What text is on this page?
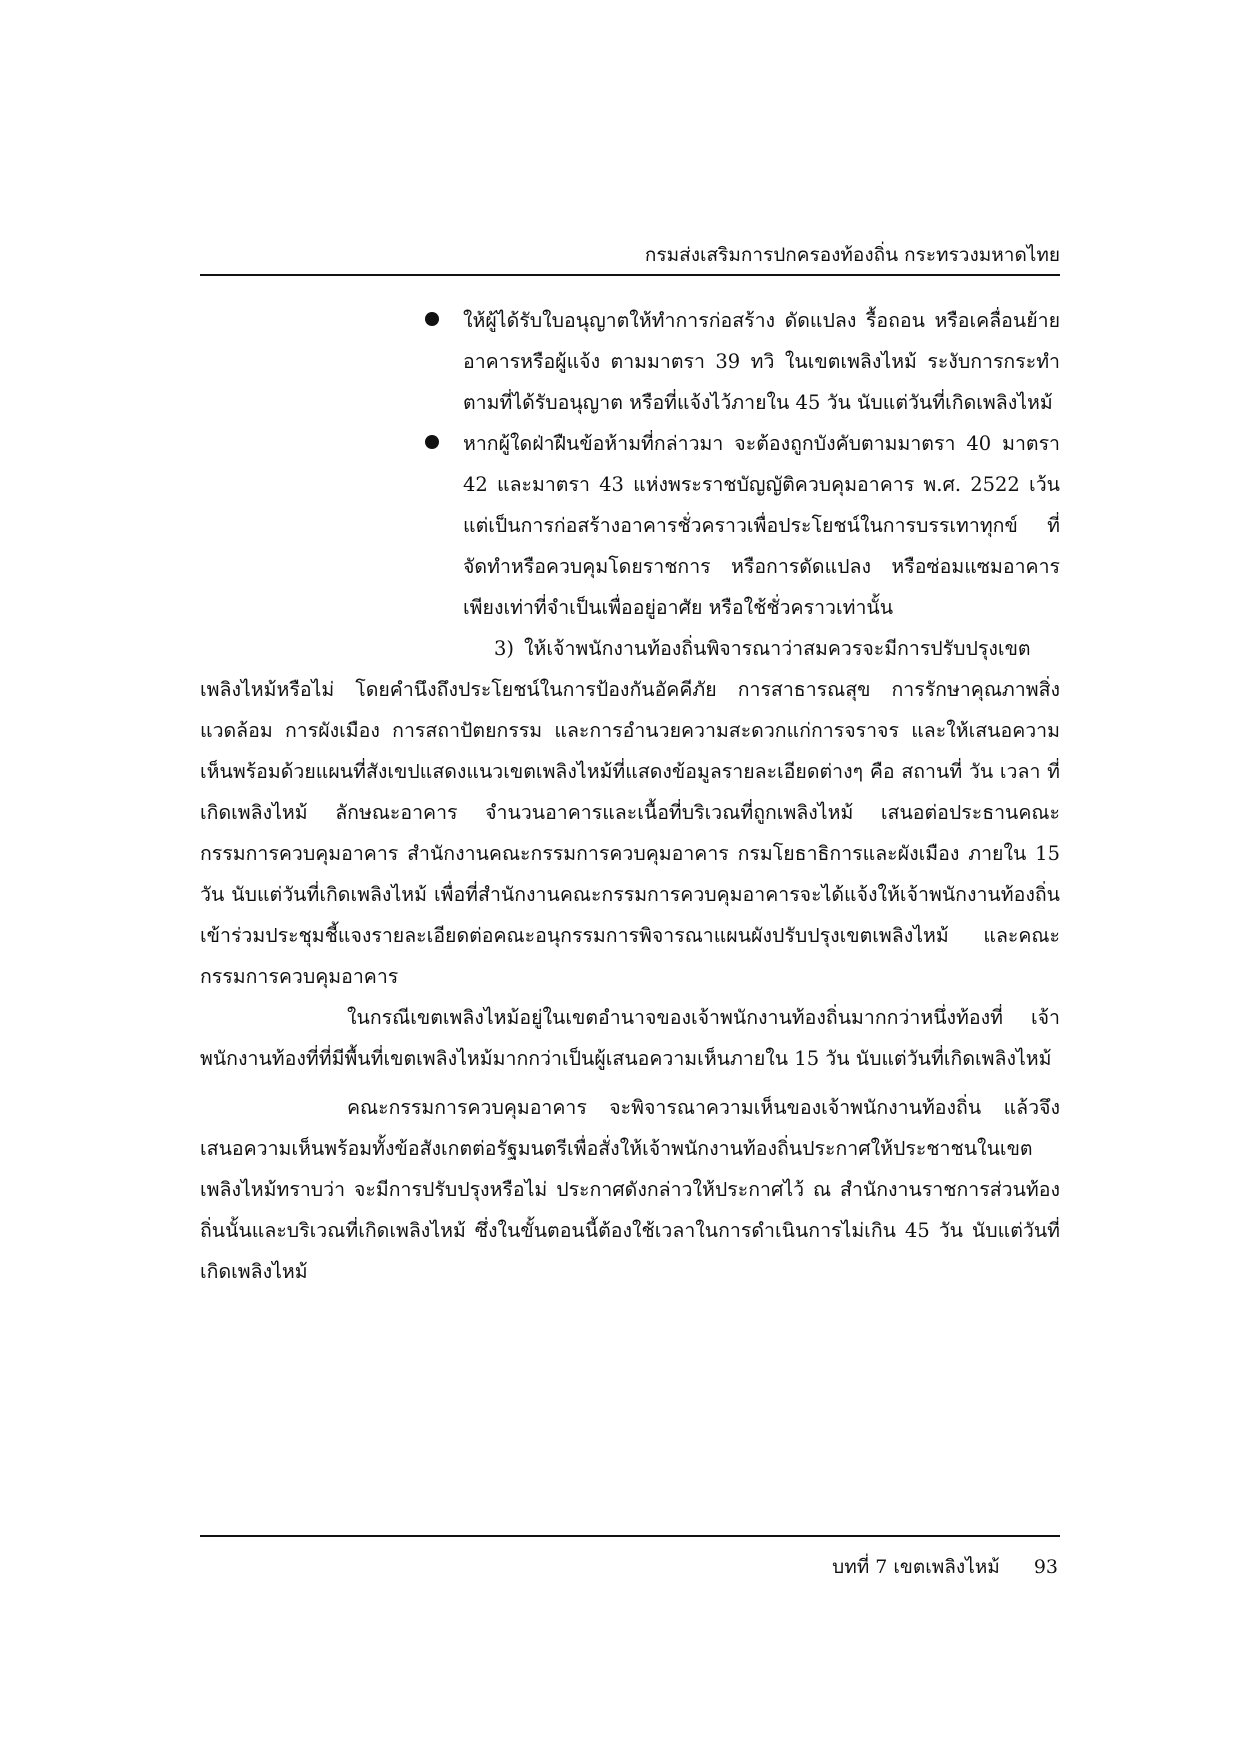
กรมส่งเสริมการปกครองท้องถิ่น กระทรวงมหาดไทย
ให้ผู้ได้รับใบอนุญาตให้ทำการก่อสร้าง ดัดแปลง รื้อถอน หรือเคลื่อนย้ายอาคารหรือผู้แจ้ง ตามมาตรา 39 ทวิ ในเขตเพลิงไหม้ ระงับการกระทำตามที่ได้รับอนุญาต หรือที่แจ้งไว้ภายใน 45 วัน นับแต่วันที่เกิดเพลิงไหม้
หากผู้ใดฝ่าฝืนข้อห้ามที่กล่าวมา จะต้องถูกบังคับตามมาตรา 40 มาตรา 42 และมาตรา 43 แห่งพระราชบัญญัติควบคุมอาคาร พ.ศ. 2522 เว้นแต่เป็นการก่อสร้างอาคารชั่วคราวเพื่อประโยชน์ในการบรรเทาทุกข์ ที่จัดทำหรือควบคุมโดยราชการ หรือการดัดแปลง หรือซ่อมแซมอาคารเพียงเท่าที่จำเป็นเพื่ออยู่อาศัย หรือใช้ชั่วคราวเท่านั้น

3) ให้เจ้าพนักงานท้องถิ่นพิจารณาว่าสมควรจะมีการปรับปรุงเขตเพลิงไหม้หรือไม่ โดยคำนึงถึงประโยชน์ในการป้องกันอัคคีภัย การสาธารณสุข การรักษาคุณภาพสิ่งแวดล้อม การผังเมือง การสถาปัตยกรรม และการอำนวยความสะดวกแก่การจราจร และให้เสนอความเห็นพร้อมด้วยแผนที่สังเขปแสดงแนวเขตเพลิงไหม้ที่แสดงข้อมูลรายละเอียดต่างๆ คือ สถานที่ วัน เวลา ที่เกิดเพลิงไหม้ ลักษณะอาคาร จำนวนอาคารและเนื้อที่บริเวณที่ถูกเพลิงไหม้ เสนอต่อประธานคณะกรรมการควบคุมอาคาร สำนักงานคณะกรรมการควบคุมอาคาร กรมโยธาธิการและผังเมือง ภายใน 15 วัน นับแต่วันที่เกิดเพลิงไหม้ เพื่อที่สำนักงานคณะกรรมการควบคุมอาคารจะได้แจ้งให้เจ้าพนักงานท้องถิ่นเข้าร่วมประชุมชี้แจงรายละเอียดต่อคณะอนุกรรมการพิจารณาแผนผังปรับปรุงเขตเพลิงไหม้ และคณะกรรมการควบคุมอาคาร

ในกรณีเขตเพลิงไหม้อยู่ในเขตอำนาจของเจ้าพนักงานท้องถิ่นมากกว่าหนึ่งท้องที่ เจ้าพนักงานท้องที่ที่มีพื้นที่เขตเพลิงไหม้มากกว่าเป็นผู้เสนอความเห็นภายใน 15 วัน นับแต่วันที่เกิดเพลิงไหม้

คณะกรรมการควบคุมอาคาร จะพิจารณาความเห็นของเจ้าพนักงานท้องถิ่น แล้วจึงเสนอความเห็นพร้อมทั้งข้อสังเกตต่อรัฐมนตรีเพื่อสั่งให้เจ้าพนักงานท้องถิ่นประกาศให้ประชาชนในเขตเพลิงไหม้ทราบว่า จะมีการปรับปรุงหรือไม่ ประกาศดังกล่าวให้ประกาศไว้ ณ สำนักงานราชการส่วนท้องถิ่นนั้นและบริเวณที่เกิดเพลิงไหม้ ซึ่งในขั้นตอนนี้ต้องใช้เวลาในการดำเนินการไม่เกิน 45 วัน นับแต่วันที่เกิดเพลิงไหม้

บทที่ 7 เขตเพลิงไหม้ 93
